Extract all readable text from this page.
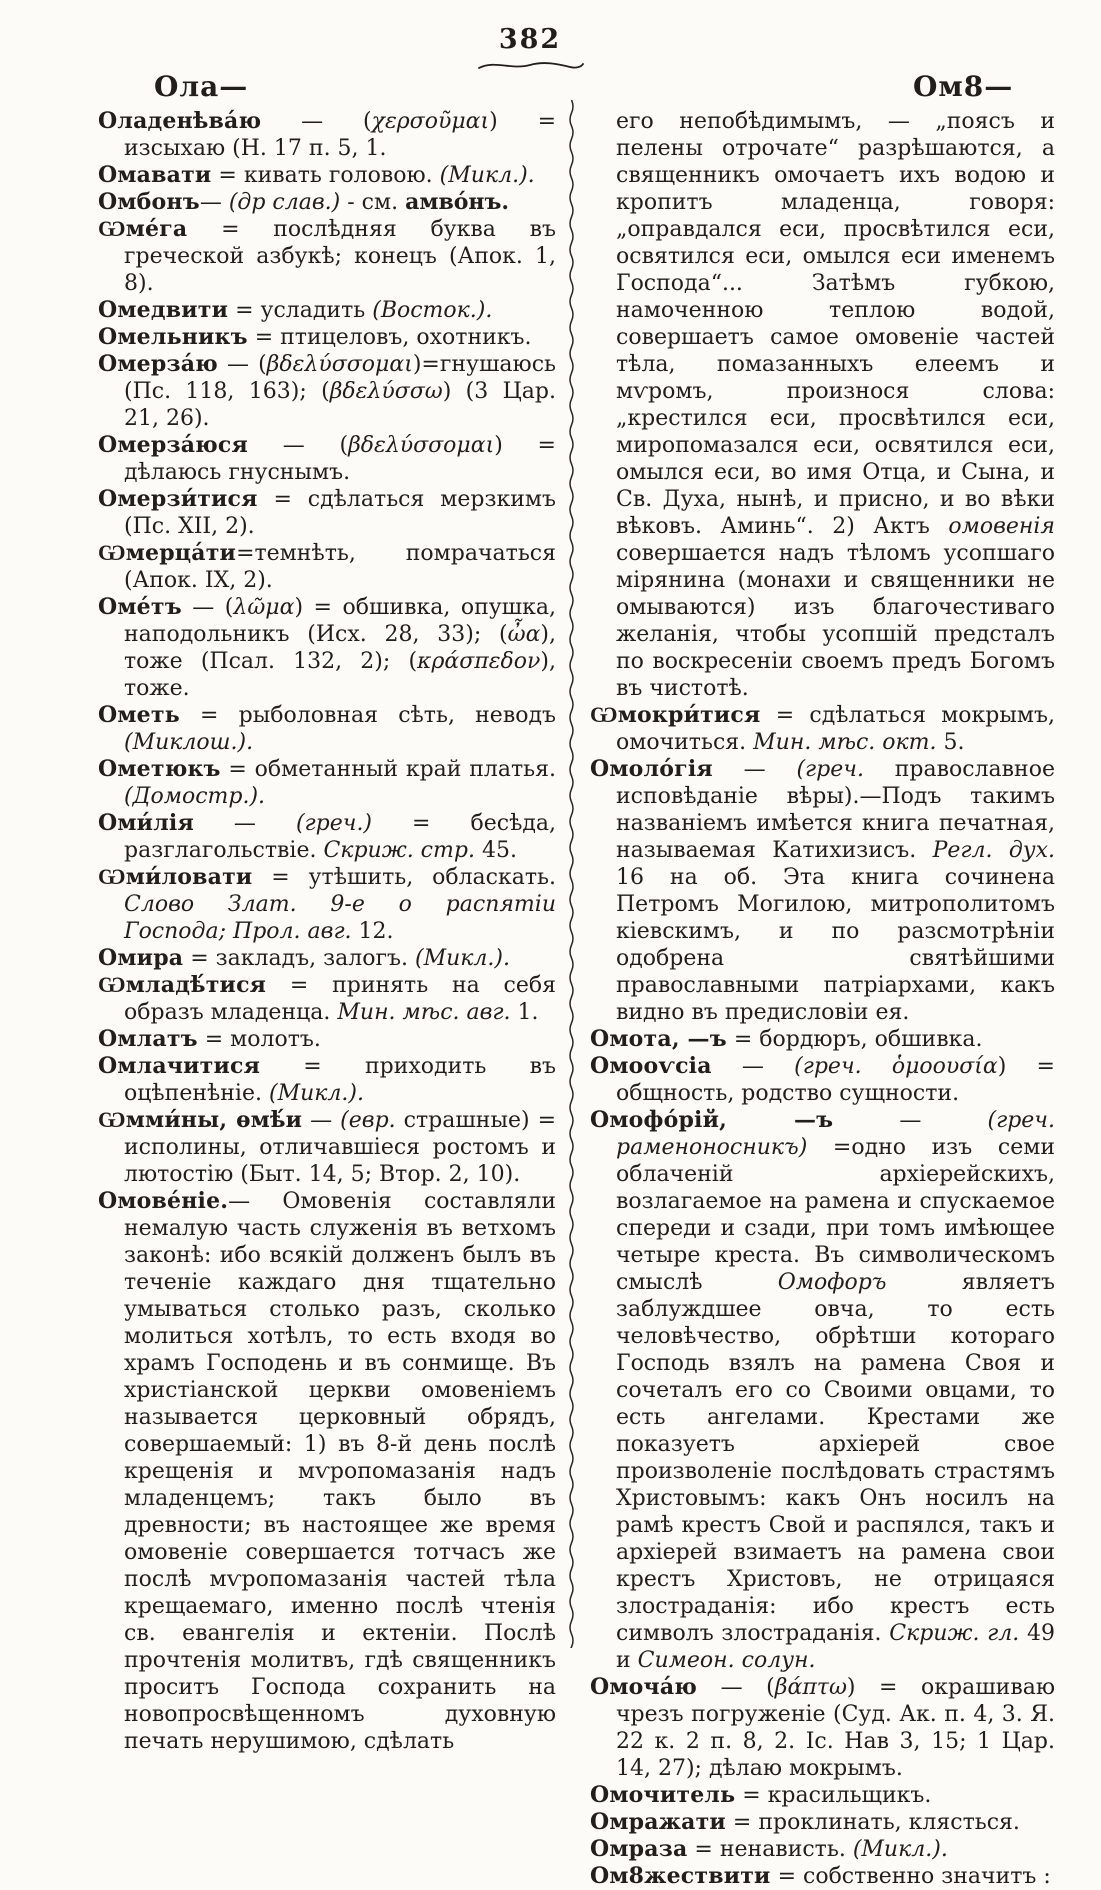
382
Ола—	Ом8—
Оладенѣва́ю — (χερσοῦμαι) = изсыхаю (Н. 17 п. 5, 1.
Омавати = кивать головою. (Микл.).
Омбонъ— (др слав.) - см. амво́нъ.
Ѡме́га = послѣдняя буква въ греческой азбукѣ; конецъ (Апок. 1, 8).
Омедвити = усладить (Восток.).
Омельникъ = птицеловъ, охотникъ.
Омерза́ю — (βδελύσσομαι)=гнушаюсь (Пс. 118, 163); (βδελύσσω) (3 Цар. 21, 26).
Омерза́юся — (βδελύσσομαι) = дѣлаюсь гнуснымъ.
Омерзи́тися = сдѣлаться мерзкимъ (Пс. XII, 2).
Ѡмерца́ти=темнѣть, помрачаться (Апок. IX, 2).
Оме́тъ — (λῶμα) = обшивка, опушка, наподольникъ (Исх. 28, 33); (ὦα), тоже (Псал. 132, 2); (κράσπεδον), тоже.
Ометь = рыболовная сѣть, неводъ (Миклош.).
Ометюкъ = обметанный край платья. (Домостр.).
Оми́лія — (греч.) = бесѣда, разглагольствіе. Скриж. стр. 45.
Ѡми́ловати = утѣшить, обласкать. Слово Злат. 9-е о распятіи Господа; Прол. авг. 12.
Омира = закладъ, залогъ. (Микл.).
Ѡмладѣ́тися = принять на себя образъ младенца. Мин. мѣс. авг. 1.
Омлатъ = молотъ.
Омлачитися = приходить въ оцѣпенѣніе. (Микл.).
Ѡмми́ны, ѳмѣ́и — (евр. страшные) = исполины, отличавшіеся ростомъ и лютостію (Быт. 14, 5; Втор. 2, 10).
Омове́ніе.— Омовенія составляли немалую часть служенія въ ветхомъ законѣ: ибо всякій долженъ былъ въ теченіе каждаго дня тщательно умываться столько разъ, сколько молиться хотѣлъ, то есть входя во храмъ Господень и въ сонмище. Въ христіанской церкви омовеніемъ называется церковный обрядъ, совершаемый: 1) въ 8-й день послѣ крещенія и мѵропомазанія надъ младенцемъ; такъ было въ древности; въ настоящее же время омовеніе совершается тотчасъ же послѣ мѵропомазанія частей тѣла крещаемаго, именно послѣ чтенія св. евангелія и ектеніи. Послѣ прочтенія молитвъ, гдѣ священникъ проситъ Господа сохранить на новопросвѣщенномъ духовную печать нерушимою, сдѣлать
его непобѣдимымъ, — „поясъ и пелены отрочате“ разрѣшаются, а священникъ омочаетъ ихъ водою и кропитъ младенца, говоря: „оправдался еси, просвѣтился еси, освятился еси, омылся еси именемъ Господа“... Затѣмъ губкою, намоченною теплою водой, совершаетъ самое омовеніе частей тѣла, помазанныхъ елеемъ и мѵромъ, произнося слова: „крестился еси, просвѣтился еси, миропомазался еси, освятился еси, омылся еси, во имя Отца, и Сына, и Св. Духа, нынѣ, и присно, и во вѣки вѣковъ. Аминь“. 2) Актъ омовенія совершается надъ тѣломъ усопшаго мірянина (монахи и священники не омываются) изъ благочестиваго желанія, чтобы усопшій предсталъ по воскресеніи своемъ предъ Богомъ въ чистотѣ.
Ѡмокри́тися = сдѣлаться мокрымъ, омочиться. Мин. мѣс. окт. 5.
Омоло́гія — (греч. православное исповѣданіе вѣры).—Подъ такимъ названіемъ имѣется книга печатная, называемая Катихизисъ. Регл. дух. 16 на об. Эта книга сочинена Петромъ Могилою, митрополитомъ кіевскимъ, и по разсмотрѣніи одобрена святѣйшими православными патріархами, какъ видно въ предисловіи ея.
Омота, —ъ = бордюръ, обшивка.
Омооѵсіа — (греч. ὁμοουσία) = общность, родство сущности.
Омофо́рій, —ъ — (греч. раменоносникъ) =одно изъ семи облаченій архіерейскихъ, возлагаемое на рамена и спускаемое спереди и сзади, при томъ имѣющее четыре креста. Въ символическомъ смыслѣ Омофоръ являетъ заблуждшее овча, то есть человѣчество, обрѣтши котораго Господь взялъ на рамена Своя и сочеталъ его со Своими овцами, то есть ангелами. Крестами же показуетъ архіерей свое произволеніе послѣдовать страстямъ Христовымъ: какъ Онъ носилъ на рамѣ крестъ Свой и распялся, такъ и архіерей взимаетъ на рамена свои крестъ Христовъ, не отрицаяся злостраданія: ибо крестъ есть символъ злостраданія. Скриж. гл. 49 и Симеон. солун.
Омоча́ю — (βάπτω) = окрашиваю чрезъ погруженіе (Суд. Ак. п. 4, 3. Я. 22 к. 2 п. 8, 2. Іс. Нав 3, 15; 1 Цар. 14, 27); дѣлаю мокрымъ.
Омочитель = красильщикъ.
Омражати = проклинать, клясться.
Омраза = ненависть. (Микл.).
Ом8жествити = собственно значитъ :
